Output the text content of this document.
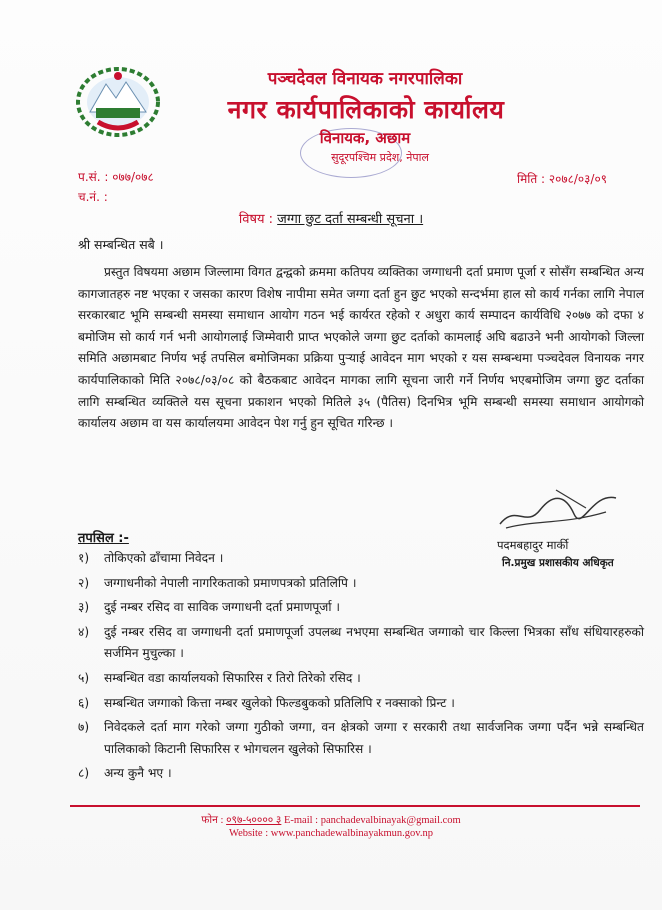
पञ्चदेवल विनायक नगरपालिका
नगर कार्यपालिकाको कार्यालय
विनायक, अछाम
सुदूरपश्चिम प्रदेश, नेपाल
प.सं. : ०७७/०७८
च.नं. :
मिति : २०७८/०३/०९
विषय : जग्गा छुट दर्ता सम्बन्धी सूचना ।
श्री सम्बन्धित सबै ।
प्रस्तुत विषयमा अछाम जिल्लामा विगत द्वन्द्वको क्रममा कतिपय व्यक्तिका जग्गाधनी दर्ता प्रमाण पूर्जा र सोसँग सम्बन्धित अन्य कागजातहरु नष्ट भएका र जसका कारण विशेष नापीमा समेत जग्गा दर्ता हुन छुट भएको सन्दर्भमा हाल सो कार्य गर्नका लागि नेपाल सरकारबाट भूमि सम्बन्धी समस्या समाधान आयोग गठन भई कार्यरत रहेको र अधुरा कार्य सम्पादन कार्यविधि २०७७ को दफा ४ बमोजिम सो कार्य गर्न भनी आयोगलाई जिम्मेवारी प्राप्त भएकोले जग्गा छुट दर्ताको कामलाई अघि बढाउने भनी आयोगको जिल्ला समिति अछामबाट निर्णय भई तपसिल बमोजिमका प्रक्रिया पुऱ्याई आवेदन माग भएको र यस सम्बन्धमा पञ्चदेवल विनायक नगर कार्यपालिकाको मिति २०७८/०३/०८ को बैठकबाट आवेदन मागका लागि सूचना जारी गर्ने निर्णय भएबमोजिम जग्गा छुट दर्ताका लागि सम्बन्धित व्यक्तिले यस सूचना प्रकाशन भएको मितिले ३५ (पैतिस) दिनभित्र भूमि सम्बन्धी समस्या समाधान आयोगको कार्यालय अछाम वा यस कार्यालयमा आवेदन पेश गर्नु हुन सूचित गरिन्छ ।
पदमबहादुर मार्की
नि.प्रमुख प्रशासकीय अधिकृत
तपसिल :-
१) तोकिएको ढाँचामा निवेदन ।
२) जग्गाधनीको नेपाली नागरिकताको प्रमाणपत्रको प्रतिलिपि ।
३) दुई नम्बर रसिद वा साविक जग्गाधनी दर्ता प्रमाणपूर्जा ।
४) दुई नम्बर रसिद वा जग्गाधनी दर्ता प्रमाणपूर्जा उपलब्ध नभएमा सम्बन्धित जग्गाको चार किल्ला भित्रका साँध संधियारहरुको सर्जमिन मुचुल्का ।
५) सम्बन्धित वडा कार्यालयको सिफारिस र तिरो तिरेको रसिद ।
६) सम्बन्धित जग्गाको कित्ता नम्बर खुलेको फिल्डबुकको प्रतिलिपि र नक्साको प्रिन्ट ।
७) निवेदकले दर्ता माग गरेको जग्गा गुठीको जग्गा, वन क्षेत्रको जग्गा र सरकारी तथा सार्वजनिक जग्गा पर्दैन भन्ने सम्बन्धित पालिकाको किटानी सिफारिस र भोगचलन खुलेको सिफारिस ।
८) अन्य कुनै भए ।
फोन : ०९७-५०००० ३ E-mail : panchadevalbinayak@gmail.com
Website : www.panchadewalbinayakmun.gov.np
